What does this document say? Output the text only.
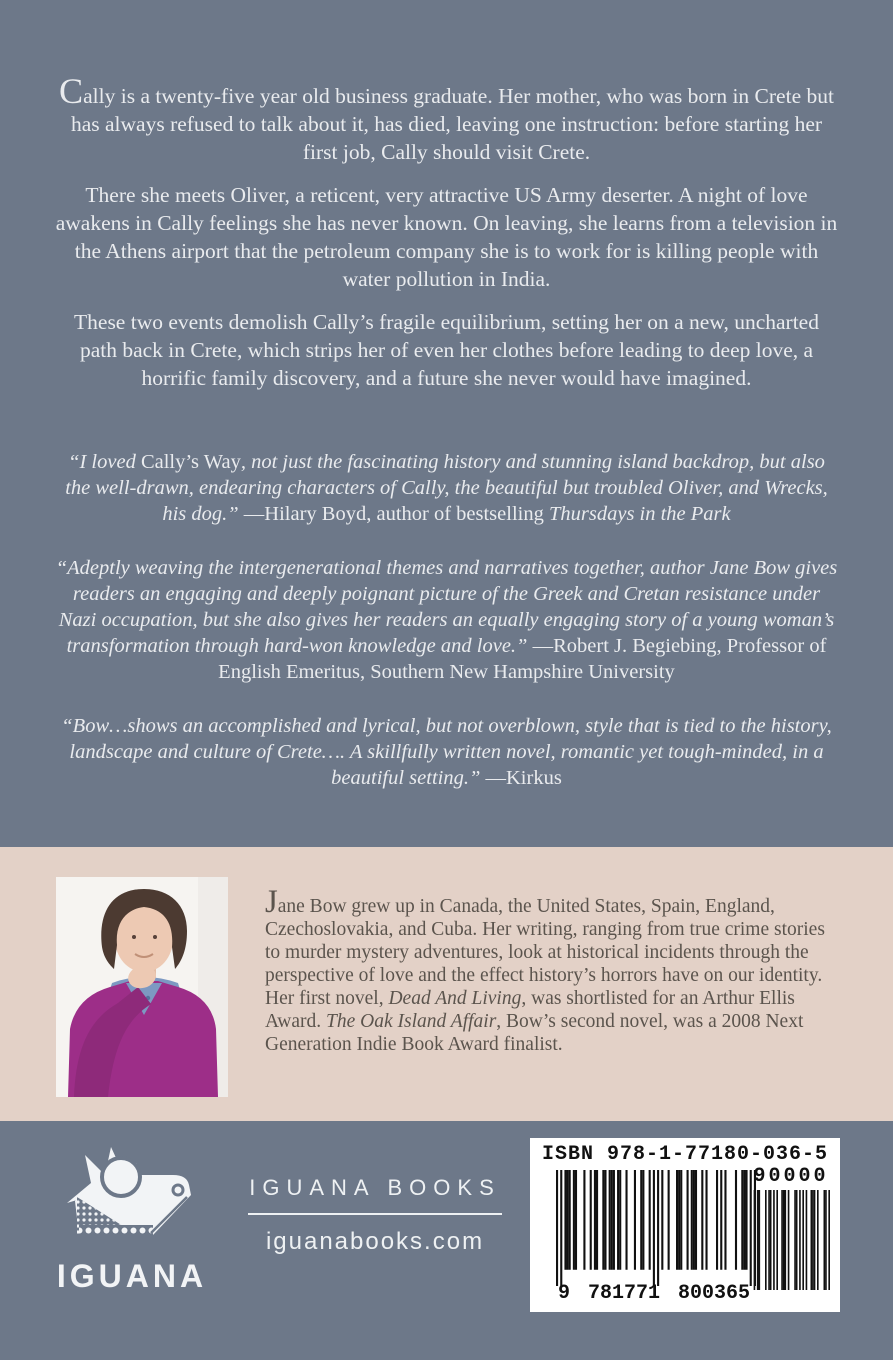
Cally is a twenty-five year old business graduate. Her mother, who was born in Crete but has always refused to talk about it, has died, leaving one instruction: before starting her first job, Cally should visit Crete.

There she meets Oliver, a reticent, very attractive US Army deserter. A night of love awakens in Cally feelings she has never known. On leaving, she learns from a television in the Athens airport that the petroleum company she is to work for is killing people with water pollution in India.

These two events demolish Cally’s fragile equilibrium, setting her on a new, uncharted path back in Crete, which strips her of even her clothes before leading to deep love, a horrific family discovery, and a future she never would have imagined.

“I loved Cally’s Way, not just the fascinating history and stunning island backdrop, but also the well-drawn, endearing characters of Cally, the beautiful but troubled Oliver, and Wrecks, his dog.” —Hilary Boyd, author of bestselling Thursdays in the Park

“Adeptly weaving the intergenerational themes and narratives together, author Jane Bow gives readers an engaging and deeply poignant picture of the Greek and Cretan resistance under Nazi occupation, but she also gives her readers an equally engaging story of a young woman’s transformation through hard-won knowledge and love.” —Robert J. Begiebing, Professor of English Emeritus, Southern New Hampshire University

“Bow…shows an accomplished and lyrical, but not overblown, style that is tied to the history, landscape and culture of Crete…. A skillfully written novel, romantic yet tough-minded, in a beautiful setting.” —Kirkus

Jane Bow grew up in Canada, the United States, Spain, England, Czechoslovakia, and Cuba. Her writing, ranging from true crime stories to murder mystery adventures, look at historical incidents through the perspective of love and the effect history’s horrors have on our identity. Her first novel, Dead And Living, was shortlisted for an Arthur Ellis Award. The Oak Island Affair, Bow’s second novel, was a 2008 Next Generation Indie Book Award finalist.

IGUANA
IGUANA BOOKS
iguanabooks.com
ISBN 978-1-77180-036-5
90000
9 781771 800365
